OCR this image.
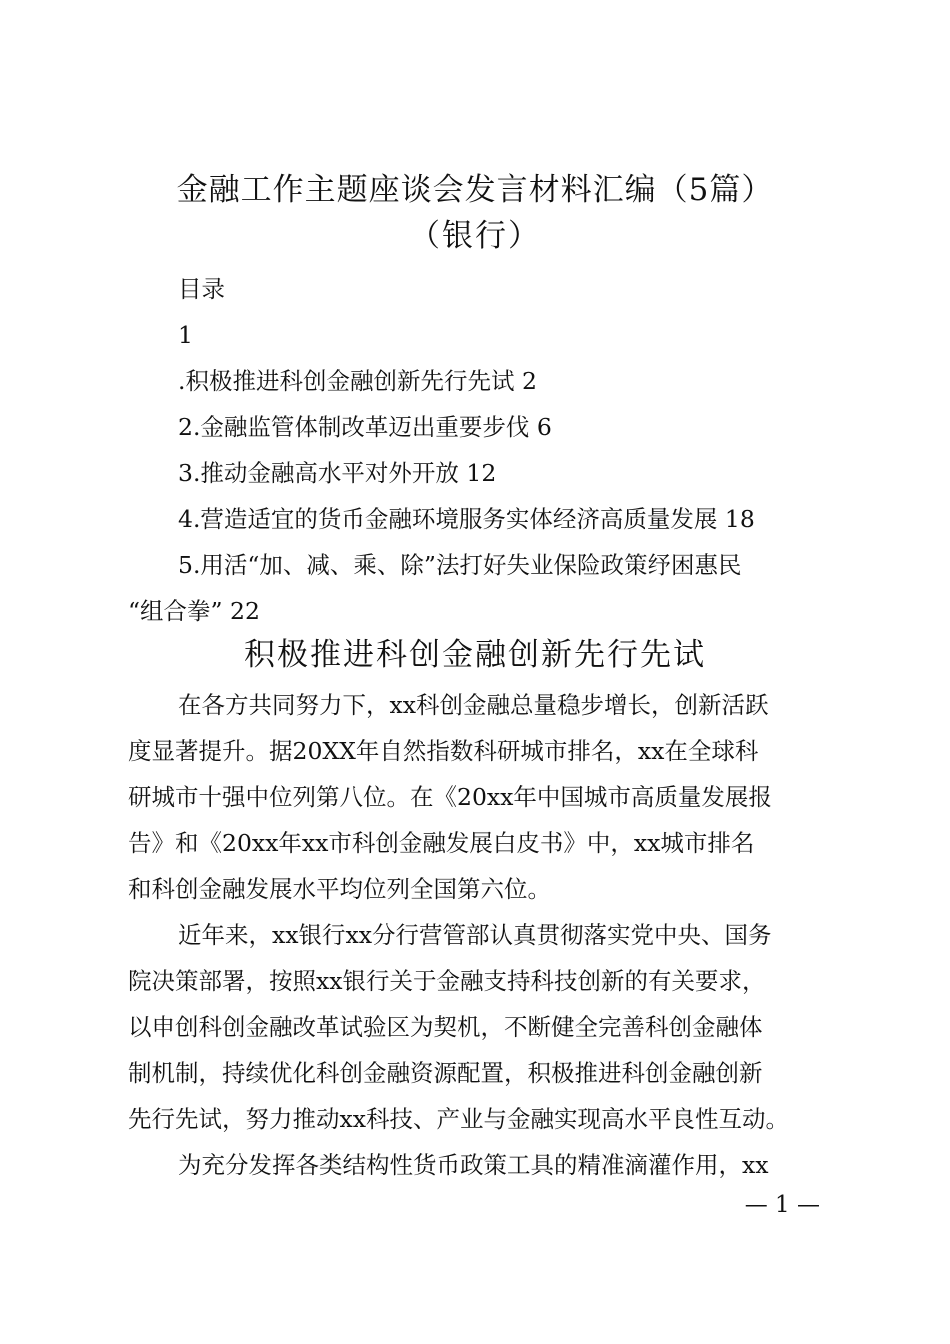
金融工作主题座谈会发言材料汇编（5篇）
（银行）
目录
1
.积极推进科创金融创新先行先试 2
2.金融监管体制改革迈出重要步伐 6
3.推动金融高水平对外开放 12
4.营造适宜的货币金融环境服务实体经济高质量发展 18
5.用活“加、减、乘、除”法打好失业保险政策纾困惠民
“组合拳” 22
积极推进科创金融创新先行先试
在各方共同努力下，xx科创金融总量稳步增长，创新活跃
度显著提升。据20XX年自然指数科研城市排名，xx在全球科
研城市十强中位列第八位。在《20xx年中国城市高质量发展报
告》和《20xx年xx市科创金融发展白皮书》中，xx城市排名
和科创金融发展水平均位列全国第六位。
近年来，xx银行xx分行营管部认真贯彻落实党中央、国务
院决策部署，按照xx银行关于金融支持科技创新的有关要求，
以申创科创金融改革试验区为契机，不断健全完善科创金融体
制机制，持续优化科创金融资源配置，积极推进科创金融创新
先行先试，努力推动xx科技、产业与金融实现高水平良性互动。
为充分发挥各类结构性货币政策工具的精准滴灌作用，xx
— 1 —
